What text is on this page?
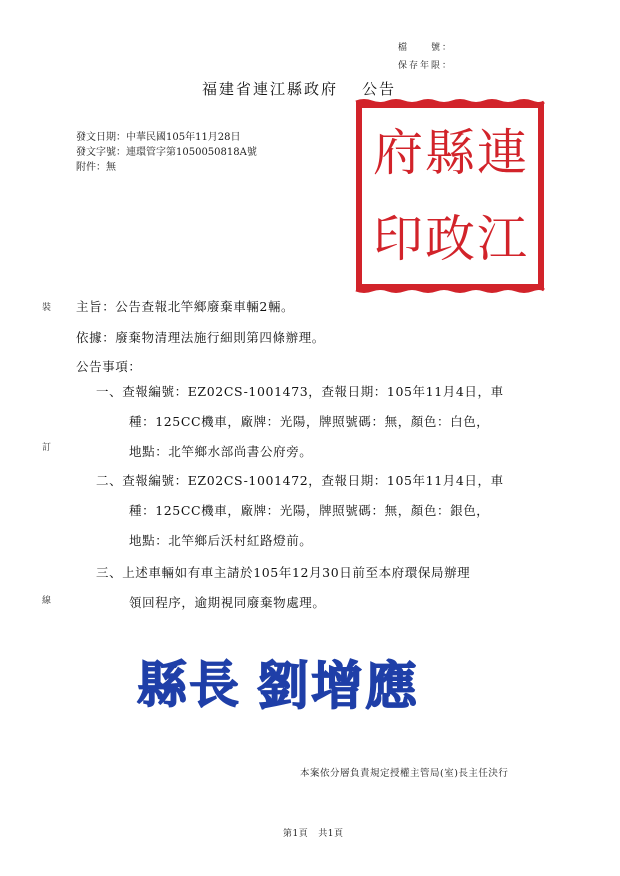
檔　　號：
保存年限：
福建省連江縣政府 公告
發文日期：中華民國105年11月28日
發文字號：連環管字第1050050818A號
附件：無	連
江
縣
政
府
印
裝
訂
線
主旨：公告查報北竿鄉廢棄車輛2輛。
依據：廢棄物清理法施行細則第四條辦理。
公告事項：
一、查報編號：EZ02CS-1001473，查報日期：105年11月4日，車
種：125CC機車，廠牌：光陽，牌照號碼：無，顏色：白色，
地點：北竿鄉水部尚書公府旁。
二、查報編號：EZ02CS-1001472，查報日期：105年11月4日，車
種：125CC機車，廠牌：光陽，牌照號碼：無，顏色：銀色，
地點：北竿鄉后沃村紅路燈前。
三、上述車輛如有車主請於105年12月30日前至本府環保局辦理
領回程序，逾期視同廢棄物處理。
縣長 劉增應
本案依分層負責規定授權主管局(室)長主任決行
第1頁 共1頁
